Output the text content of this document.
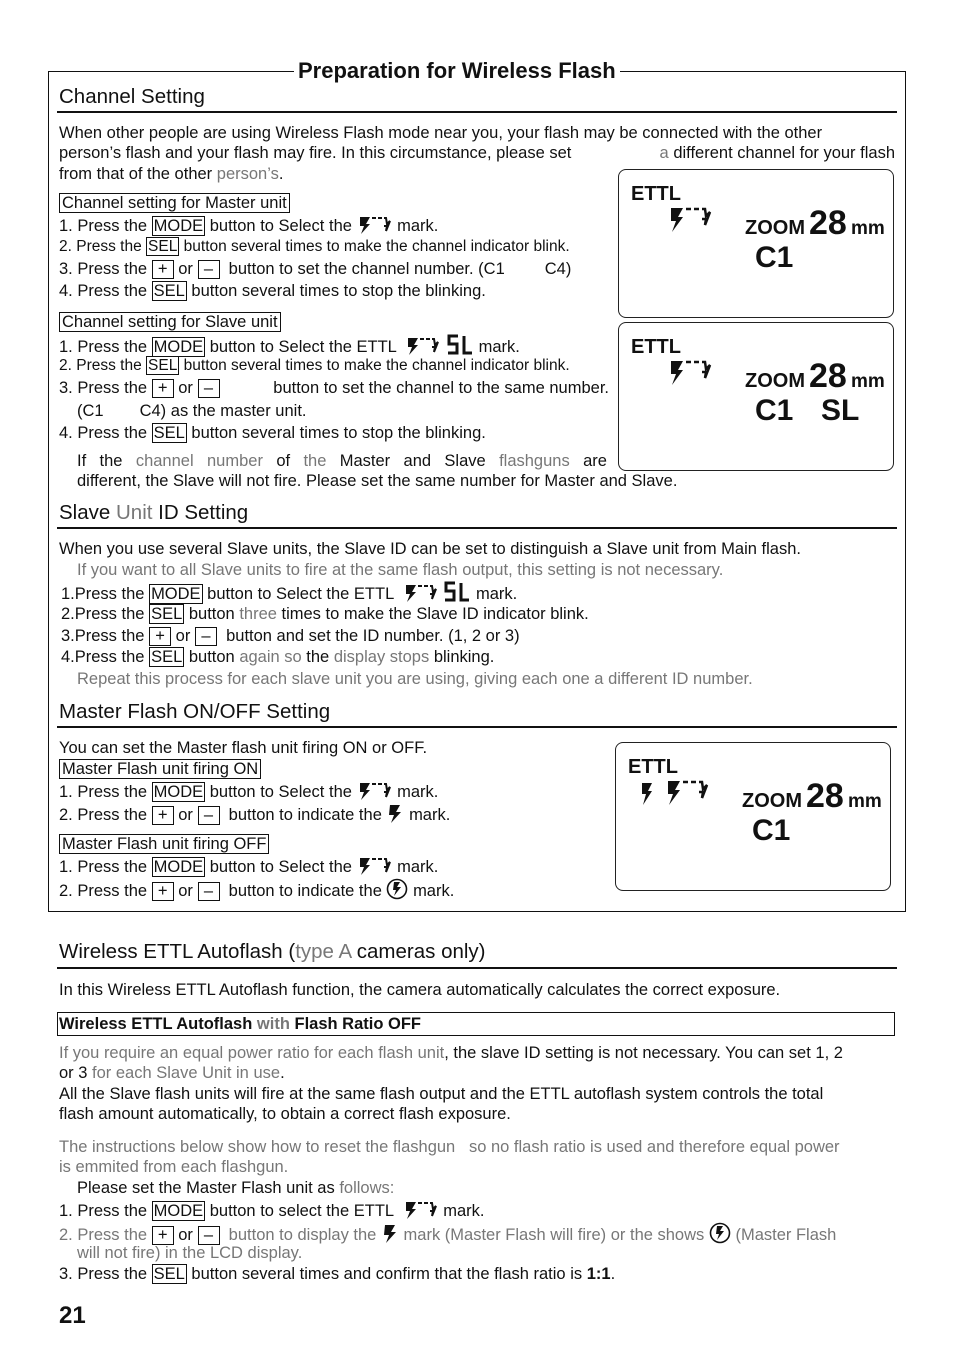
Preparation for Wireless Flash
Channel Setting
When other people are using Wireless Flash mode near you, your flash may be connected with the other
person’s flash and your flash may fire. In this circumstance, please set	a different channel for your flash
from that of the other person’s.
Channel setting for Master unit
1. Press the MODE button to Select the	mark.
2. Press the SEL button several times to make the channel indicator blink.
3. Press the + or – button to set the channel number. (C1 C4)
4. Press the SEL button several times to stop the blinking.
Channel setting for Slave unit
1. Press the MODE button to Select the ETTL	mark.
2. Press the SEL button several times to make the channel indicator blink.
3. Press the + or –	button to set the channel to the same number.
(C1 C4) as the master unit.
4. Press the SEL button several times to stop the blinking.
If the channel number of the Master and Slave flashguns are
different, the Slave will not fire. Please set the same number for Master and Slave.
ETTL
ZOOM 28 mm
C1
ETTL
ZOOM 28 mm
C1 SL
Slave Unit ID Setting
When you use several Slave units, the Slave ID can be set to distinguish a Slave unit from Main flash.
If you want to all Slave units to fire at the same flash output, this setting is not necessary.
1.Press the MODE button to Select the ETTL	mark.
2.Press the SEL button three times to make the Slave ID indicator blink.
3.Press the + or – button and set the ID number. (1, 2 or 3)
4.Press the SEL button again so the display stops blinking.
Repeat this process for each slave unit you are using, giving each one a different ID number.
Master Flash ON/OFF Setting
You can set the Master flash unit firing ON or OFF.
Master Flash unit firing ON
1. Press the MODE button to Select the	mark.
2. Press the + or – button to indicate the mark.
Master Flash unit firing OFF
1. Press the MODE button to Select the	mark.
2. Press the + or – button to indicate the mark.
ETTL
ZOOM 28 mm
C1
Wireless ETTL Autoflash (type A cameras only)
In this Wireless ETTL Autoflash function, the camera automatically calculates the correct exposure.
Wireless ETTL Autoflash with Flash Ratio OFF
If you require an equal power ratio for each flash unit, the slave ID setting is not necessary. You can set 1, 2
or 3 for each Slave Unit in use.
All the Slave flash units will fire at the same flash output and the ETTL autoflash system controls the total
flash amount automatically, to obtain a correct flash exposure.
The instructions below show how to reset the flashgun so no flash ratio is used and therefore equal power
is emmited from each flashgun.
Please set the Master Flash unit as follows:
1. Press the MODE button to select the ETTL	mark.
2. Press the + or – button to display the mark (Master Flash will fire) or the shows (Master Flash
will not fire) in the LCD display.
3. Press the SEL button several times and confirm that the flash ratio is 1:1.
21
